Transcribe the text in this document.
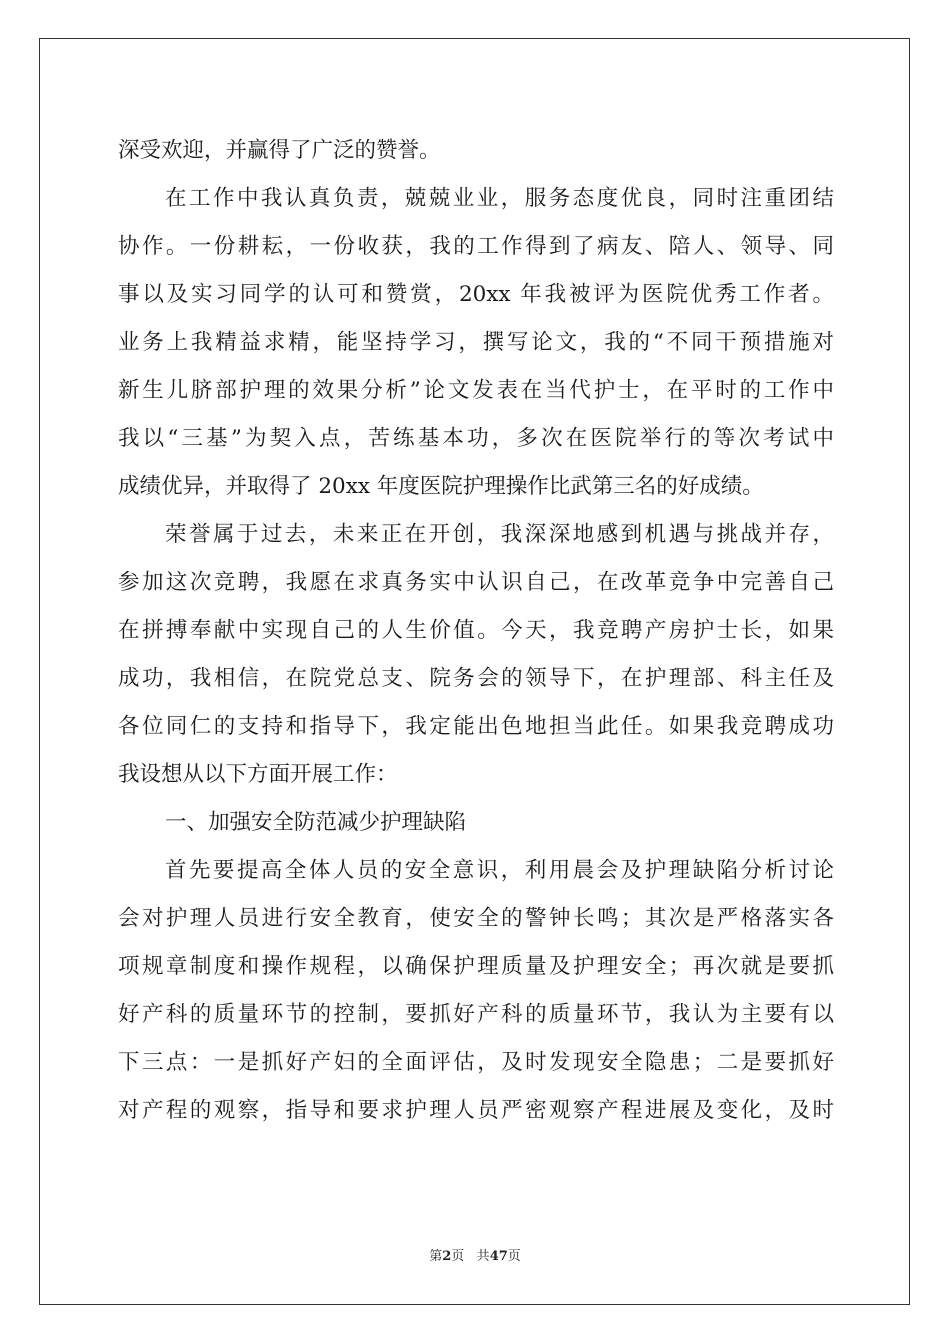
深受欢迎，并赢得了广泛的赞誉。
在工作中我认真负责，兢兢业业，服务态度优良，同时注重团结
协作。一份耕耘，一份收获，我的工作得到了病友、陪人、领导、同
事以及实习同学的认可和赞赏，20xx 年我被评为医院优秀工作者。
业务上我精益求精，能坚持学习，撰写论文，我的“不同干预措施对
新生儿脐部护理的效果分析”论文发表在当代护士，在平时的工作中
我以“三基”为契入点，苦练基本功，多次在医院举行的等次考试中
成绩优异，并取得了 20xx 年度医院护理操作比武第三名的好成绩。
荣誉属于过去，未来正在开创，我深深地感到机遇与挑战并存，
参加这次竞聘，我愿在求真务实中认识自己，在改革竞争中完善自己
在拼搏奉献中实现自己的人生价值。今天，我竞聘产房护士长，如果
成功，我相信，在院党总支、院务会的领导下，在护理部、科主任及
各位同仁的支持和指导下，我定能出色地担当此任。如果我竞聘成功
我设想从以下方面开展工作：
一、加强安全防范减少护理缺陷
首先要提高全体人员的安全意识，利用晨会及护理缺陷分析讨论
会对护理人员进行安全教育，使安全的警钟长鸣；其次是严格落实各
项规章制度和操作规程，以确保护理质量及护理安全；再次就是要抓
好产科的质量环节的控制，要抓好产科的质量环节，我认为主要有以
下三点：一是抓好产妇的全面评估，及时发现安全隐患；二是要抓好
对产程的观察，指导和要求护理人员严密观察产程进展及变化，及时
第2页 共47页
